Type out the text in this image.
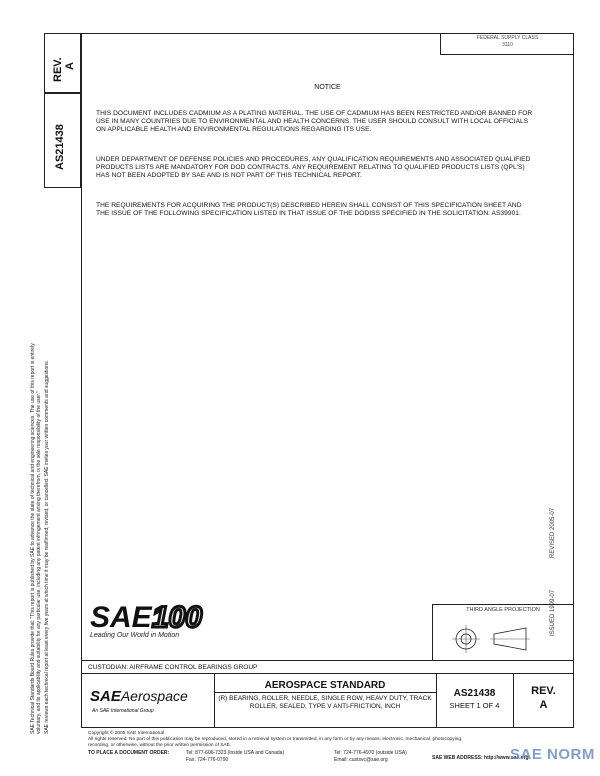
REV. A
AS21438
SAE Technical Standards Board Rules provide that: "This report is published by SAE to advance the state of technical and engineering sciences. The use of this report is entirely voluntary, and its applicability and suitability for any particular use, including any patent infringement arising therefrom, is the sole responsibility of the user." SAE reviews each technical report at least every five years at which time it may be reaffirmed, revised, or cancelled. SAE invites your written comments and suggestions.
FEDERAL SUPPLY CLASS
3110
NOTICE
THIS DOCUMENT INCLUDES CADMIUM AS A PLATING MATERIAL. THE USE OF CADMIUM HAS BEEN RESTRICTED AND/OR BANNED FOR USE IN MANY COUNTRIES DUE TO ENVIRONMENTAL AND HEALTH CONCERNS. THE USER SHOULD CONSULT WITH LOCAL OFFICIALS ON APPLICABLE HEALTH AND ENVIRONMENTAL REGULATIONS REGARDING ITS USE.
UNDER DEPARTMENT OF DEFENSE POLICIES AND PROCEDURES, ANY QUALIFICATION REQUIREMENTS AND ASSOCIATED QUALIFIED PRODUCTS LISTS ARE MANDATORY FOR DOD CONTRACTS. ANY REQUIREMENT RELATING TO QUALIFIED PRODUCTS LISTS (QPL'S) HAS NOT BEEN ADOPTED BY SAE AND IS NOT PART OF THIS TECHNICAL REPORT.
THE REQUIREMENTS FOR ACQUIRING THE PRODUCT(S) DESCRIBED HEREIN SHALL CONSIST OF THIS SPECIFICATION SHEET AND THE ISSUE OF THE FOLLOWING SPECIFICATION LISTED IN THAT ISSUE OF THE DODISS SPECIFIED IN THE SOLICITATION: AS39901.
ISSUED 1999-07
REVISED 2005-07
SAE 100
Leading Our World in Motion
THIRD ANGLE PROJECTION
CUSTODIAN: AIRFRAME CONTROL BEARINGS GROUP
SAEAerospace
An SAE International Group
AEROSPACE STANDARD
(R) BEARING, ROLLER, NEEDLE, SINGLE ROW, HEAVY DUTY, TRACK ROLLER, SEALED, TYPE V ANTI-FRICTION, INCH
AS21438
SHEET 1 OF 4
REV.
A
Copyright © 2005 SAE International
All rights reserved. No part of this publication may be reproduced, stored in a retrieval system or transmitted, in any form or by any means, electronic, mechanical, photocopying,
recording, or otherwise, without the prior written permission of SAE.
TO PLACE A DOCUMENT ORDER:	Tel: 877-606-7323 (inside USA and Canada)
Fax: 724-776-0790
Tel: 724-776-4970 (outside USA)
Email: custsvc@sae.org	SAE WEB ADDRESS: http://www.sae.org
SAE NORM
